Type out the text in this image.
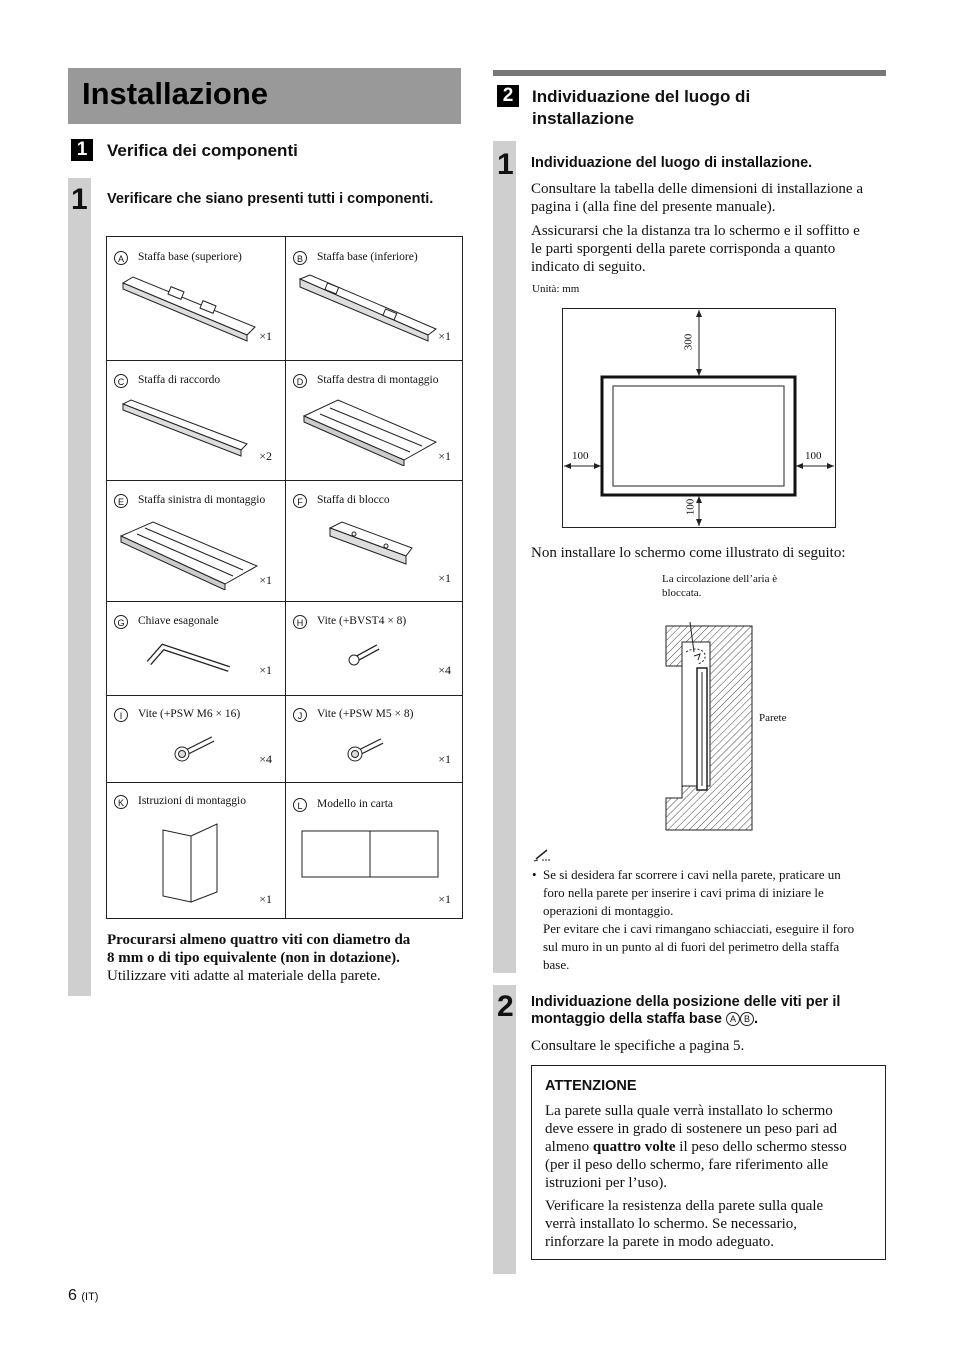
Installazione
1	Verifica dei componenti
1 Verificare che siano presenti tutti i componenti.
A	Staffa base (superiore)
×1
B	Staffa base (inferiore)
×1
C	Staffa di raccordo
×2
D	Staffa destra di montaggio
×1
E	Staffa sinistra di montaggio
×1
F	Staffa di blocco
×1
G	Chiave esagonale
×1
H	Vite (+BVST4 × 8)
×4
I	Vite (+PSW M6 × 16)
×4
J	Vite (+PSW M5 × 8)
×1
K	Istruzioni di montaggio
×1
L	Modello in carta
×1
Procurarsi almeno quattro viti con diametro da
8 mm o di tipo equivalente (non in dotazione).
Utilizzare viti adatte al materiale della parete.
2	Individuazione del luogo di
installazione
1 Individuazione del luogo di installazione.
Consultare la tabella delle dimensioni di installazione a
pagina i (alla fine del presente manuale).
Assicurarsi che la distanza tra lo schermo e il soffitto e
le parti sporgenti della parete corrisponda a quanto
indicato di seguito.
Unità: mm
300
100	100
100
Non installare lo schermo come illustrato di seguito:
La circolazione dell’aria è
bloccata.
Parete
• Se si desidera far scorrere i cavi nella parete, praticare un
foro nella parete per inserire i cavi prima di iniziare le
operazioni di montaggio.
Per evitare che i cavi rimangano schiacciati, eseguire il foro
sul muro in un punto al di fuori del perimetro della staffa
base.
2 Individuazione della posizione delle viti per il
montaggio della staffa base A B .
Consultare le specifiche a pagina 5.
ATTENZIONE
La parete sulla quale verrà installato lo schermo
deve essere in grado di sostenere un peso pari ad
almeno quattro volte il peso dello schermo stesso
(per il peso dello schermo, fare riferimento alle
istruzioni per l’uso).
Verificare la resistenza della parete sulla quale
verrà installato lo schermo. Se necessario,
rinforzare la parete in modo adeguato.
6 (IT)
